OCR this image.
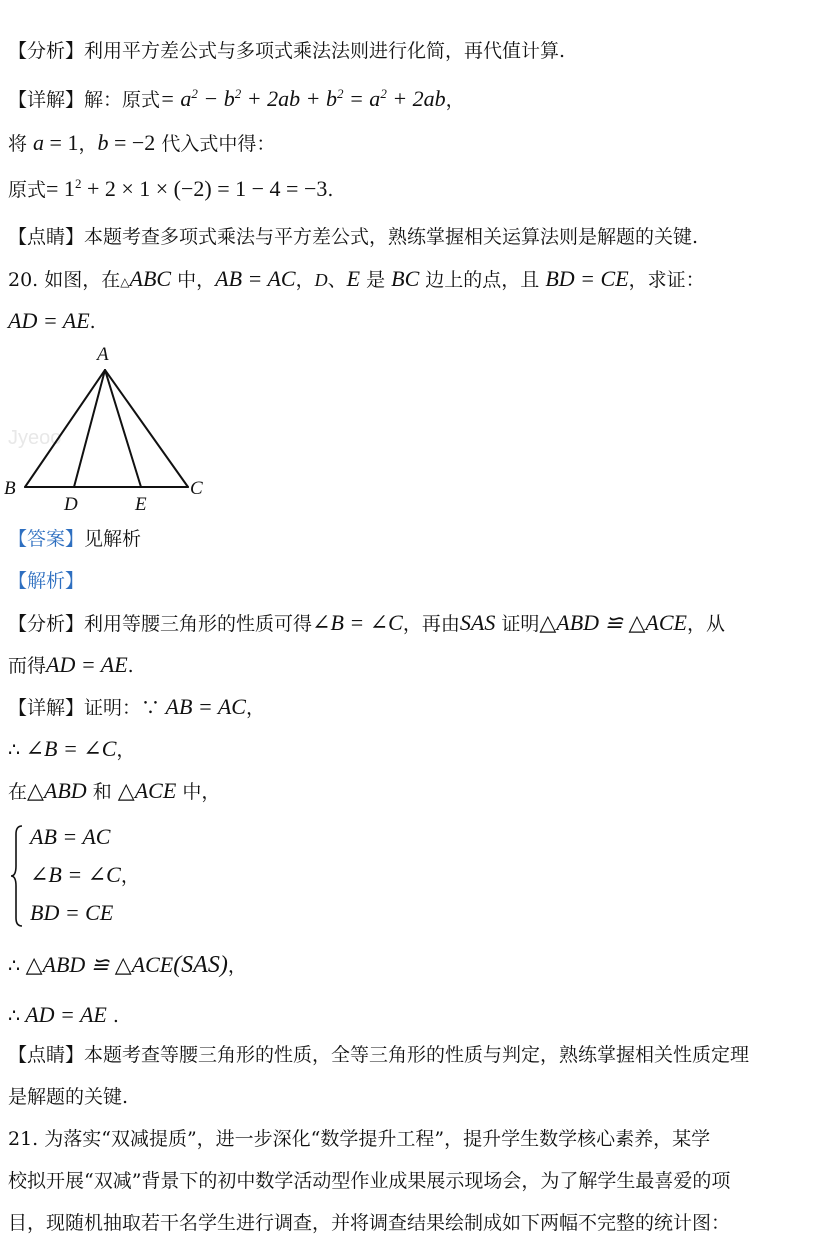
【分析】利用平方差公式与多项式乘法法则进行化简，再代值计算.
【详解】解：原式= $a^2 - b^2 + 2ab + b^2 = a^2 + 2ab$，
将 a = 1，b = −2 代入式中得：
原式= $1^2 + 2 \times 1 \times (-2) = 1 - 4 = -3$.
【点睛】本题考查多项式乘法与平方差公式，熟练掌握相关运算法则是解题的关键.
20. 如图，在△ABC 中，AB = AC，D、E 是 BC 边上的点，且 BD = CE，求证：
AD = AE.
Jyeoo
A
B	C
D	E
【答案】见解析
【解析】
【分析】利用等腰三角形的性质可得∠B = ∠C，再由SAS 证明△ABD ≌ △ACE，从
而得AD = AE.
【详解】证明：∵ AB = AC，
∴ ∠B = ∠C，
在△ABD 和 △ACE 中，
AB = AC
∠B = ∠C，
BD = CE
∴ △ABD ≌ △ACE(SAS)，
∴ AD = AE .
【点睛】本题考查等腰三角形的性质，全等三角形的性质与判定，熟练掌握相关性质定理
是解题的关键.
21. 为落实“双减提质”，进一步深化“数学提升工程”，提升学生数学核心素养，某学
校拟开展“双减”背景下的初中数学活动型作业成果展示现场会，为了解学生最喜爱的项
目，现随机抽取若干名学生进行调查，并将调查结果绘制成如下两幅不完整的统计图：
